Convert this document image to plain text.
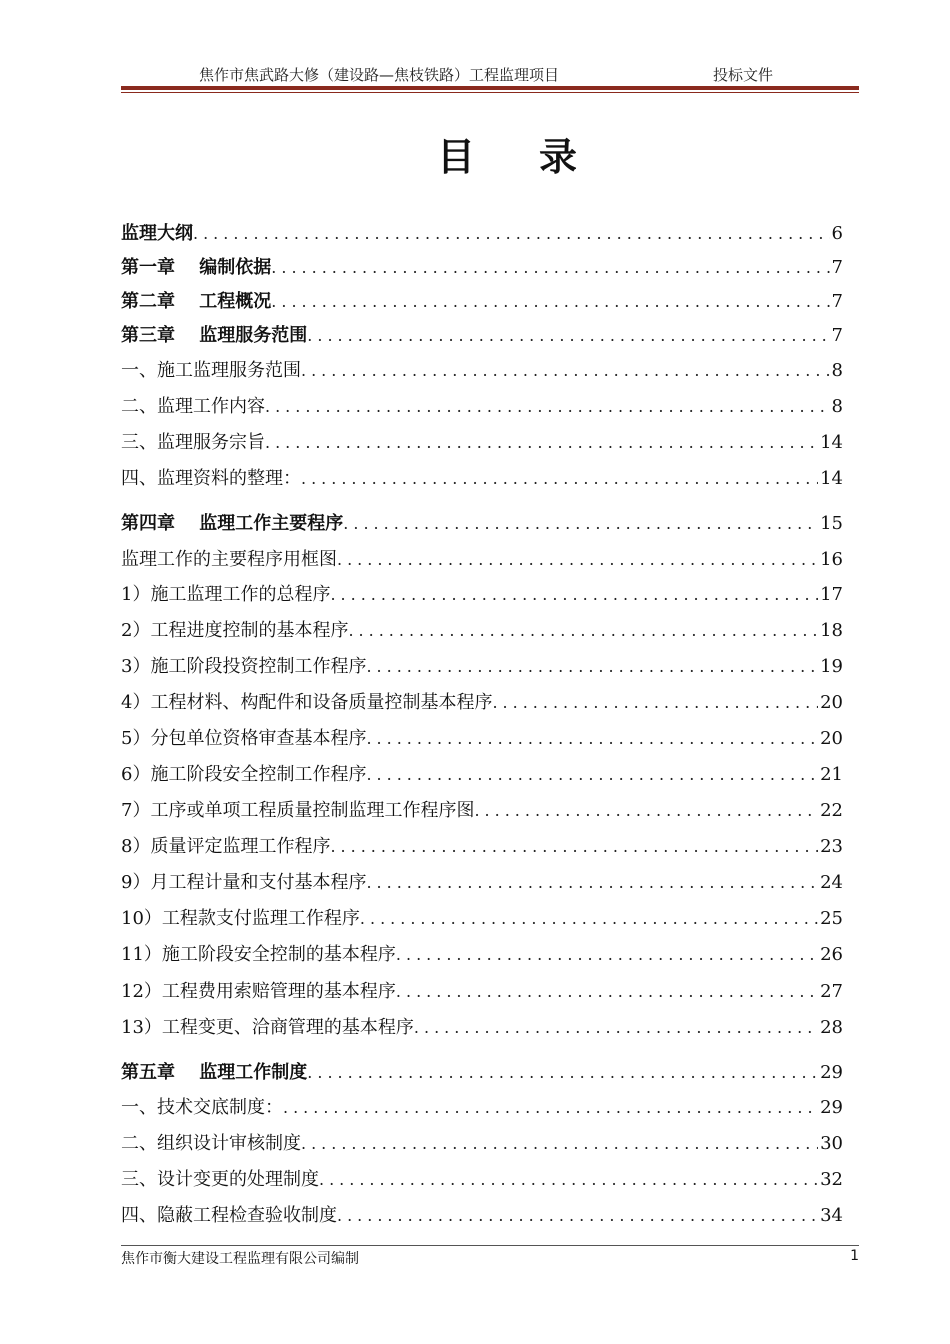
焦作市焦武路大修（建设路—焦枝铁路）工程监理项目	投标文件
目录
监理大纲 .....	6
第一章　 编制依据 .....	7
第二章　 工程概况 .....	7
第三章　 监理服务范围 .....	7
一、施工监理服务范围 .....	8
二、监理工作内容 .....	8
三、监理服务宗旨 .....	14
四、监理资料的整理： .....	14
第四章　 监理工作主要程序 .....	15
监理工作的主要程序用框图 .....	16
1）施工监理工作的总程序 .....	17
2）工程进度控制的基本程序 .....	18
3）施工阶段投资控制工作程序 .....	19
4）工程材料、构配件和设备质量控制基本程序 .....	20
5）分包单位资格审查基本程序 .....	20
6）施工阶段安全控制工作程序 .....	21
7）工序或单项工程质量控制监理工作程序图 .....	22
8）质量评定监理工作程序 .....	23
9）月工程计量和支付基本程序 .....	24
10）工程款支付监理工作程序 .....	25
11）施工阶段安全控制的基本程序 .....	26
12）工程费用索赔管理的基本程序 .....	27
13）工程变更、洽商管理的基本程序 .....	28
第五章　 监理工作制度 .....	29
一、技术交底制度： .....	29
二、组织设计审核制度 .....	30
三、设计变更的处理制度 .....	32
四、隐蔽工程检查验收制度 .....	34
焦作市衡大建设工程监理有限公司编制	1
